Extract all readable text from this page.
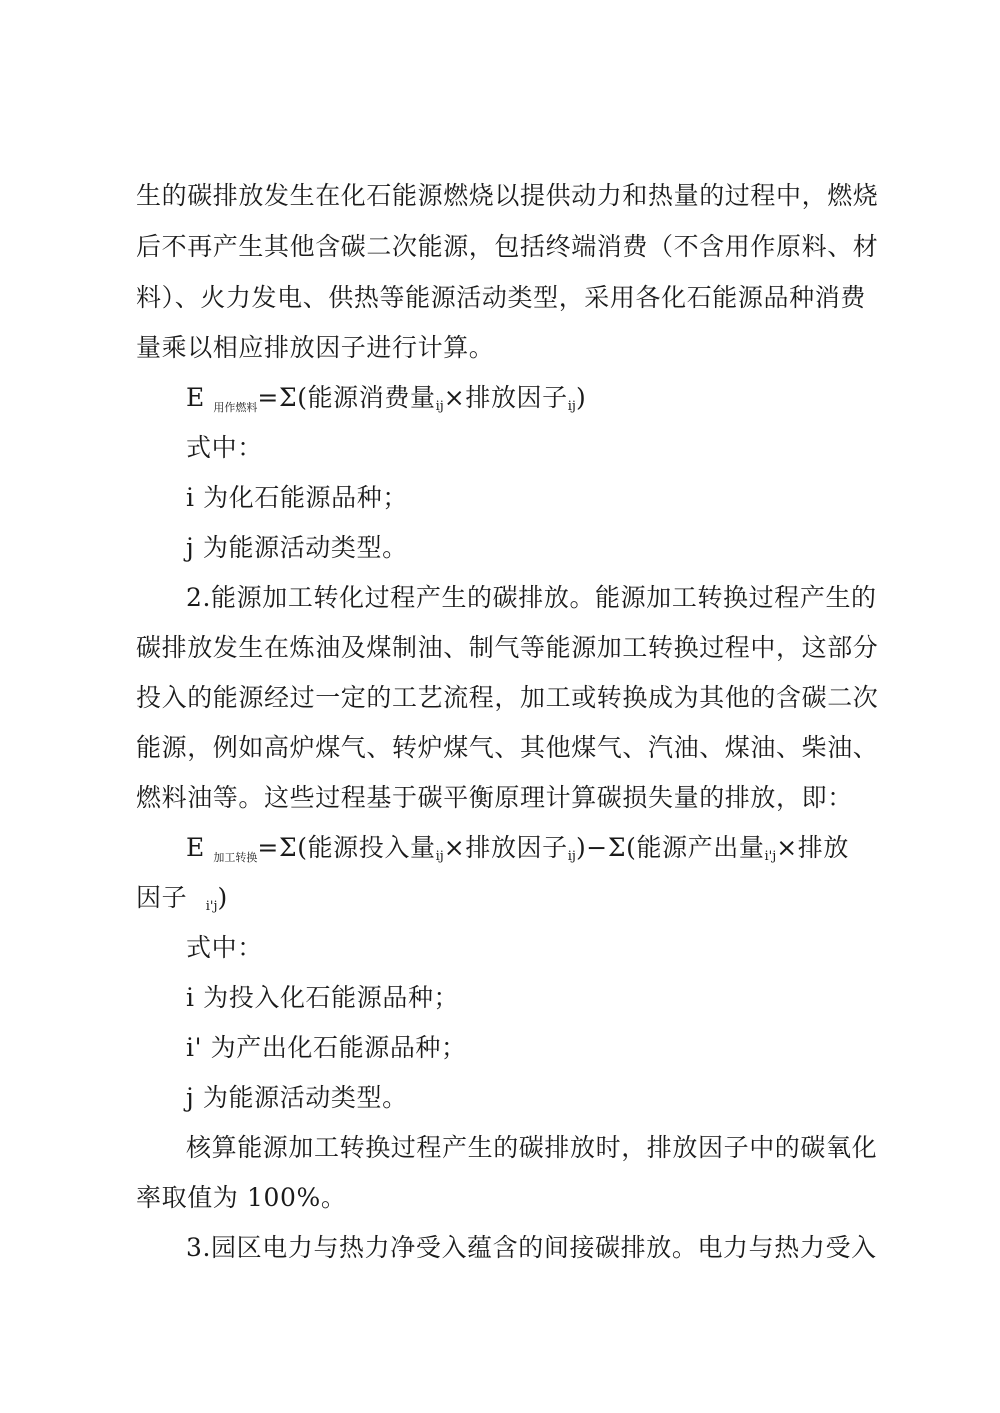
生的碳排放发生在化石能源燃烧以提供动力和热量的过程中，燃烧
后不再产生其他含碳二次能源，包括终端消费（不含用作原料、材
料）、火力发电、供热等能源活动类型，采用各化石能源品种消费
量乘以相应排放因子进行计算。
E $_{用作燃料}$=Σ(能源消费量ij×排放因子ij)
式中：
i 为化石能源品种；
j 为能源活动类型。
2.能源加工转化过程产生的碳排放。能源加工转换过程产生的
碳排放发生在炼油及煤制油、制气等能源加工转换过程中，这部分
投入的能源经过一定的工艺流程，加工或转换成为其他的含碳二次
能源，例如高炉煤气、转炉煤气、其他煤气、汽油、煤油、柴油、
燃料油等。这些过程基于碳平衡原理计算碳损失量的排放，即：
E $_{加工转换}$=Σ(能源投入量ij×排放因子ij)−Σ(能源产出量i'j×排放
因子 i'j)
式中：
i 为投入化石能源品种；
i' 为产出化石能源品种；
j 为能源活动类型。
核算能源加工转换过程产生的碳排放时，排放因子中的碳氧化
率取值为 100%。
3.园区电力与热力净受入蕴含的间接碳排放。电力与热力受入
